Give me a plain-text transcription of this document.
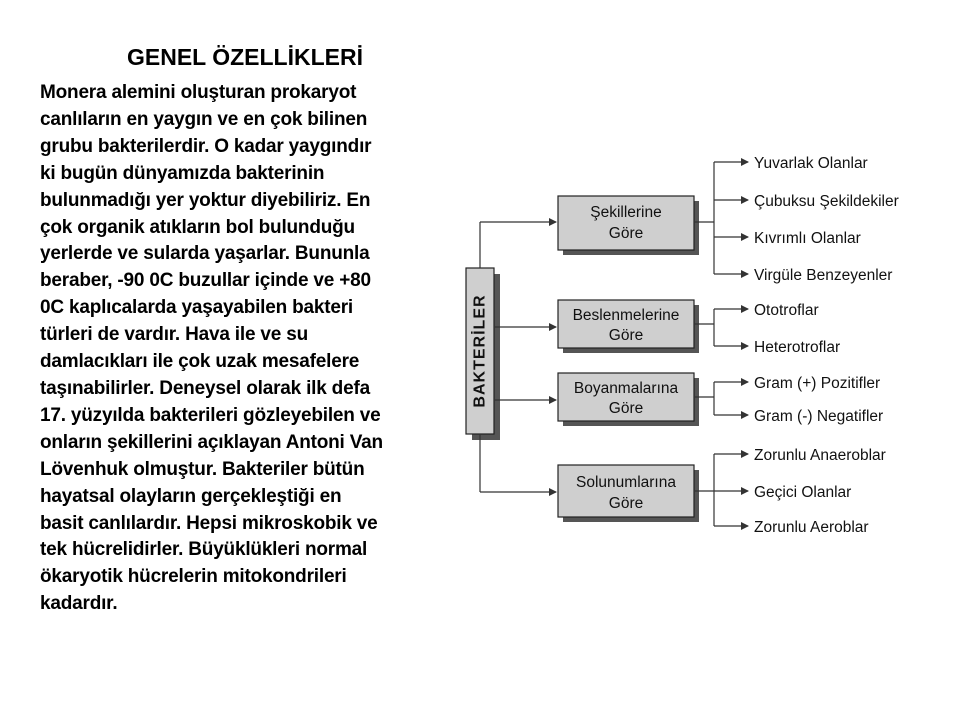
GENEL ÖZELLİKLERİ
Monera alemini oluşturan prokaryot
canlıların en yaygın ve en çok bilinen
grubu bakterilerdir. O kadar yaygındır
ki bugün dünyamızda bakterinin
bulunmadığı yer yoktur diyebiliriz. En
çok organik atıkların bol bulunduğu
yerlerde ve sularda yaşarlar. Bununla
beraber, -90 0C buzullar içinde ve +80
0C kaplıcalarda yaşayabilen bakteri
türleri de vardır. Hava ile ve su
damlacıkları ile çok uzak mesafelere
taşınabilirler. Deneysel olarak ilk defa
17. yüzyılda bakterileri gözleyebilen ve
onların şekillerini açıklayan Antoni Van
Lövenhuk olmuştur. Bakteriler bütün
hayatsal olayların gerçekleştiği en
basit canlılardır. Hepsi mikroskobik ve
tek hücrelidirler. Büyüklükleri normal
ökaryotik hücrelerin mitokondrileri
kadardır.
BAKTERİLER
Şekillerine
Göre
Beslenmelerine
Göre
Boyanmalarına
Göre
Solunumlarına
Göre
Yuvarlak Olanlar
Çubuksu Şekildekiler
Kıvrımlı Olanlar
Virgüle Benzeyenler
Ototroflar
Heterotroflar
Gram (+) Pozitifler
Gram (-) Negatifler
Zorunlu Anaeroblar
Geçici Olanlar
Zorunlu Aeroblar
